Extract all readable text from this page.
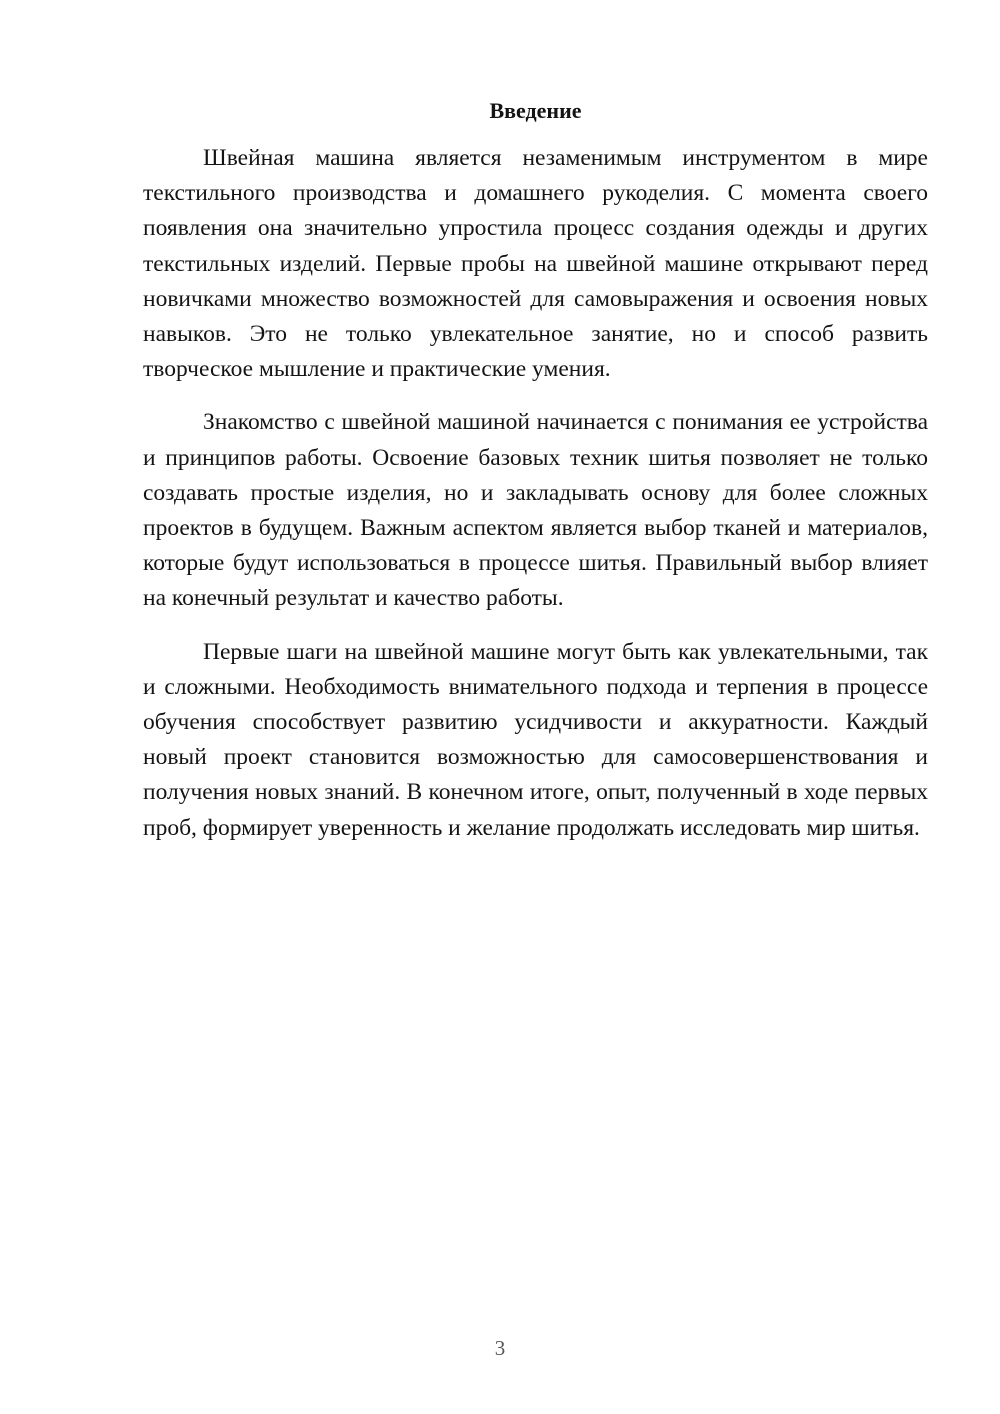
Введение

Швейная машина является незаменимым инструментом в мире текстильного производства и домашнего рукоделия. С момента своего появления она значительно упростила процесс создания одежды и других текстильных изделий. Первые пробы на швейной машине открывают перед новичками множество возможностей для самовыражения и освоения новых навыков. Это не только увлекательное занятие, но и способ развить творческое мышление и практические умения.

Знакомство с швейной машиной начинается с понимания ее устройства и принципов работы. Освоение базовых техник шитья позволяет не только создавать простые изделия, но и закладывать основу для более сложных проектов в будущем. Важным аспектом является выбор тканей и материалов, которые будут использоваться в процессе шитья. Правильный выбор влияет на конечный результат и качество работы.

Первые шаги на швейной машине могут быть как увлекательными, так и сложными. Необходимость внимательного подхода и терпения в процессе обучения способствует развитию усидчивости и аккуратности. Каждый новый проект становится возможностью для самосовершенствования и получения новых знаний. В конечном итоге, опыт, полученный в ходе первых проб, формирует уверенность и желание продолжать исследовать мир шитья.

3
